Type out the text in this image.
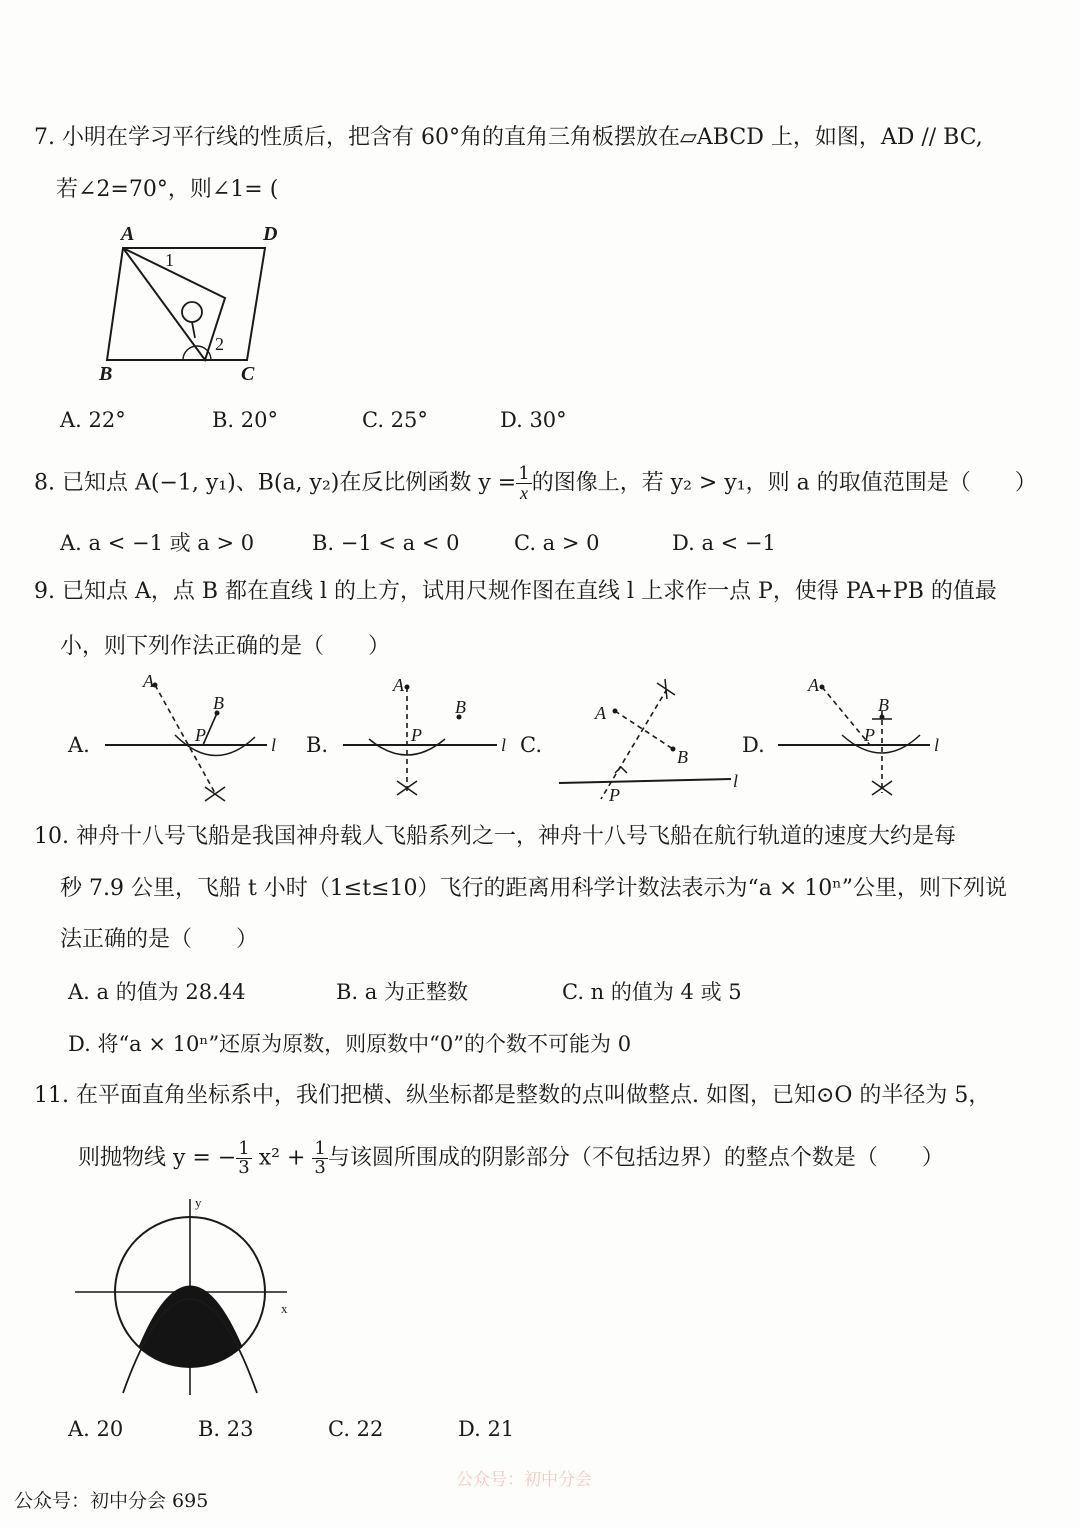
7. 小明在学习平行线的性质后，把含有 60°角的直角三角板摆放在▱ABCD 上，如图，AD // BC,
若∠2=70°，则∠1= (
A	D
B	C
1
2
A. 22°	B. 20°	C. 25°	D. 30°
8. 已知点 A(−1, y₁)、B(a, y₂)在反比例函数 $y = \frac{1}{x}$ 的图像上，若 y₂ > y₁，则 a 的取值范围是（　　）
A. a < −1 或 a > 0	B. −1 < a < 0	C. a > 0	D. a < −1
9. 已知点 A，点 B 都在直线 l 的上方，试用尺规作图在直线 l 上求作一点 P，使得 PA+PB 的值最
小，则下列作法正确的是（　　）
A.
A
B
P	l B.
A
B
P	l C.
A
B
P
l
D.
A
B
P	l
10. 神舟十八号飞船是我国神舟载人飞船系列之一，神舟十八号飞船在航行轨道的速度大约是每
秒 7.9 公里，飞船 t 小时（1≤t≤10）飞行的距离用科学计数法表示为“a × 10ⁿ”公里，则下列说
法正确的是（　　）
A. a 的值为 28.44	B. a 为正整数	C. n 的值为 4 或 5
D. 将“a × 10ⁿ”还原为原数，则原数中“0”的个数不可能为 0
11. 在平面直角坐标系中，我们把横、纵坐标都是整数的点叫做整点. 如图，已知⊙O 的半径为 5，
则抛物线 y = − $\frac{1}{3} x^2 + \frac{1}{3}$ 与该圆所围成的阴影部分（不包括边界）的整点个数是（　　）
y
x
A. 20	B. 23	C. 22	D. 21
公众号：初中分会
公众号：初中分会 695
